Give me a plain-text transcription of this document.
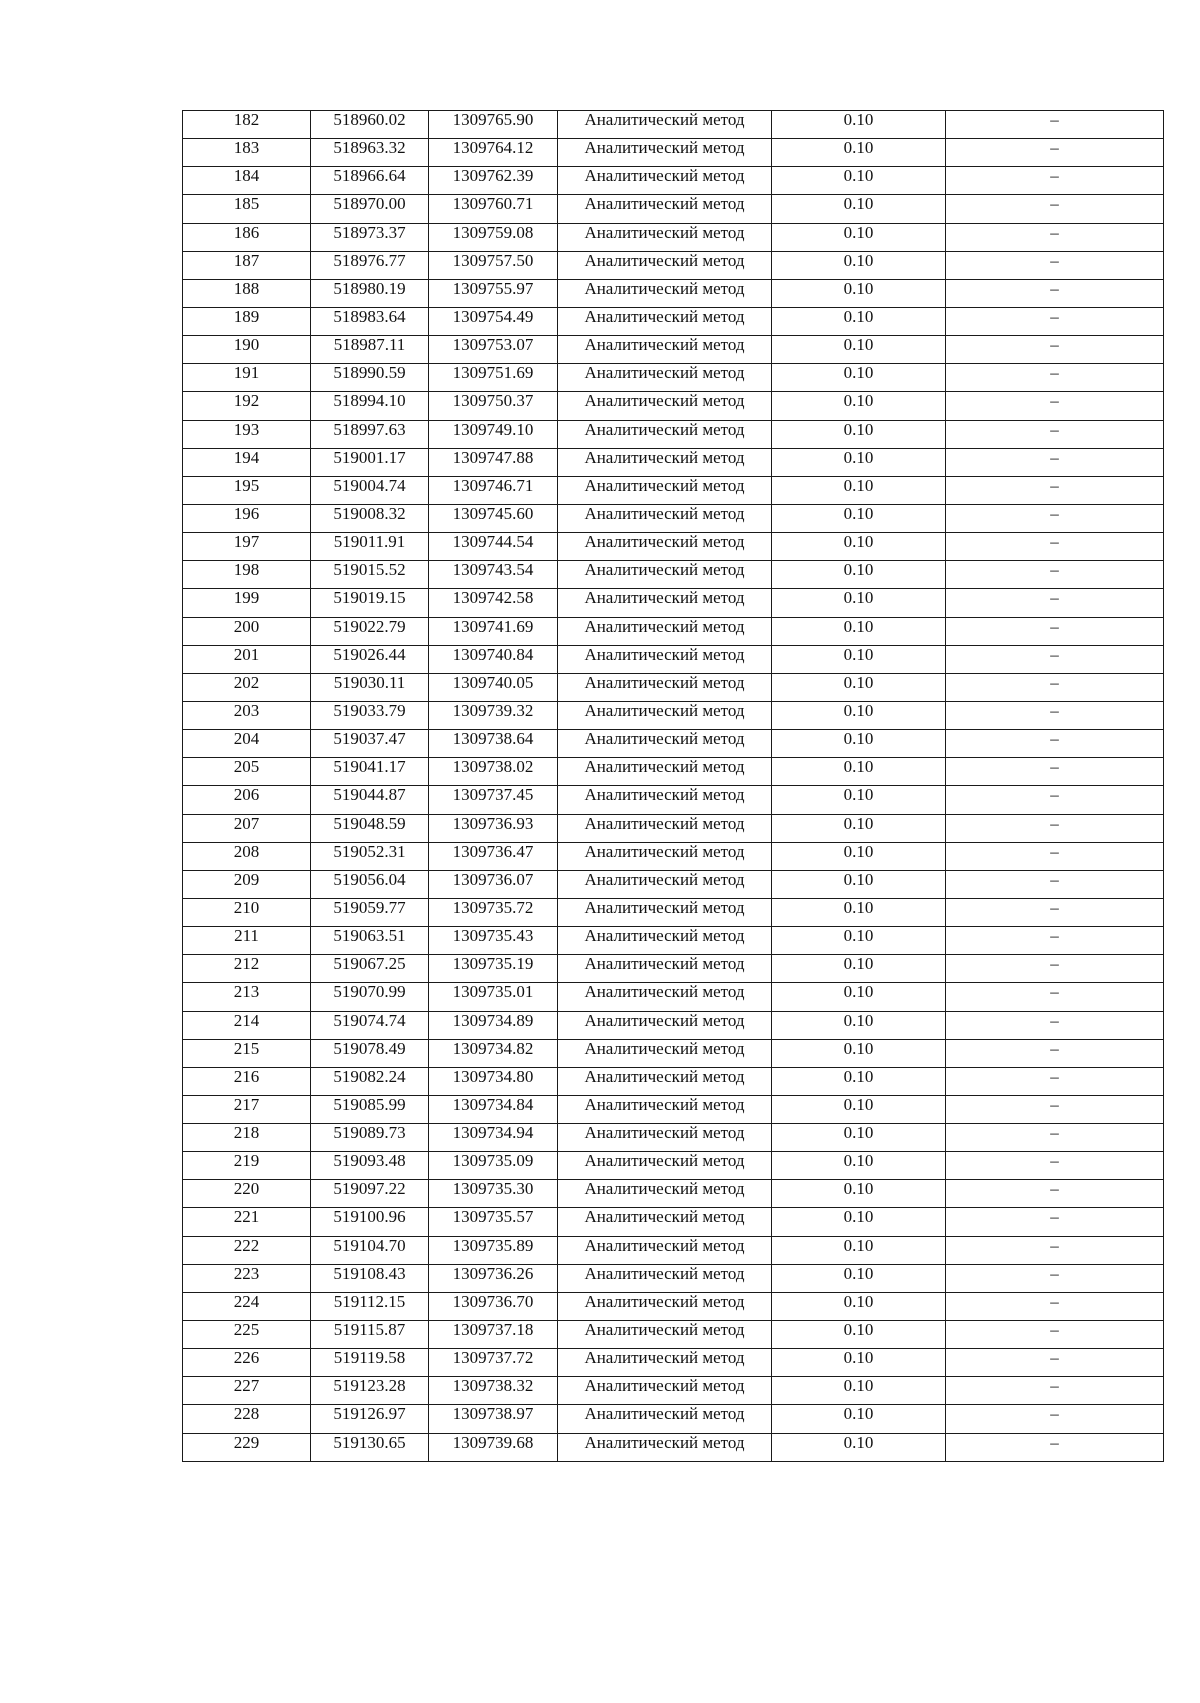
182	518960.02	1309765.90	Аналитический метод	0.10	–
183	518963.32	1309764.12	Аналитический метод	0.10	–
184	518966.64	1309762.39	Аналитический метод	0.10	–
185	518970.00	1309760.71	Аналитический метод	0.10	–
186	518973.37	1309759.08	Аналитический метод	0.10	–
187	518976.77	1309757.50	Аналитический метод	0.10	–
188	518980.19	1309755.97	Аналитический метод	0.10	–
189	518983.64	1309754.49	Аналитический метод	0.10	–
190	518987.11	1309753.07	Аналитический метод	0.10	–
191	518990.59	1309751.69	Аналитический метод	0.10	–
192	518994.10	1309750.37	Аналитический метод	0.10	–
193	518997.63	1309749.10	Аналитический метод	0.10	–
194	519001.17	1309747.88	Аналитический метод	0.10	–
195	519004.74	1309746.71	Аналитический метод	0.10	–
196	519008.32	1309745.60	Аналитический метод	0.10	–
197	519011.91	1309744.54	Аналитический метод	0.10	–
198	519015.52	1309743.54	Аналитический метод	0.10	–
199	519019.15	1309742.58	Аналитический метод	0.10	–
200	519022.79	1309741.69	Аналитический метод	0.10	–
201	519026.44	1309740.84	Аналитический метод	0.10	–
202	519030.11	1309740.05	Аналитический метод	0.10	–
203	519033.79	1309739.32	Аналитический метод	0.10	–
204	519037.47	1309738.64	Аналитический метод	0.10	–
205	519041.17	1309738.02	Аналитический метод	0.10	–
206	519044.87	1309737.45	Аналитический метод	0.10	–
207	519048.59	1309736.93	Аналитический метод	0.10	–
208	519052.31	1309736.47	Аналитический метод	0.10	–
209	519056.04	1309736.07	Аналитический метод	0.10	–
210	519059.77	1309735.72	Аналитический метод	0.10	–
211	519063.51	1309735.43	Аналитический метод	0.10	–
212	519067.25	1309735.19	Аналитический метод	0.10	–
213	519070.99	1309735.01	Аналитический метод	0.10	–
214	519074.74	1309734.89	Аналитический метод	0.10	–
215	519078.49	1309734.82	Аналитический метод	0.10	–
216	519082.24	1309734.80	Аналитический метод	0.10	–
217	519085.99	1309734.84	Аналитический метод	0.10	–
218	519089.73	1309734.94	Аналитический метод	0.10	–
219	519093.48	1309735.09	Аналитический метод	0.10	–
220	519097.22	1309735.30	Аналитический метод	0.10	–
221	519100.96	1309735.57	Аналитический метод	0.10	–
222	519104.70	1309735.89	Аналитический метод	0.10	–
223	519108.43	1309736.26	Аналитический метод	0.10	–
224	519112.15	1309736.70	Аналитический метод	0.10	–
225	519115.87	1309737.18	Аналитический метод	0.10	–
226	519119.58	1309737.72	Аналитический метод	0.10	–
227	519123.28	1309738.32	Аналитический метод	0.10	–
228	519126.97	1309738.97	Аналитический метод	0.10	–
229	519130.65	1309739.68	Аналитический метод	0.10	–
